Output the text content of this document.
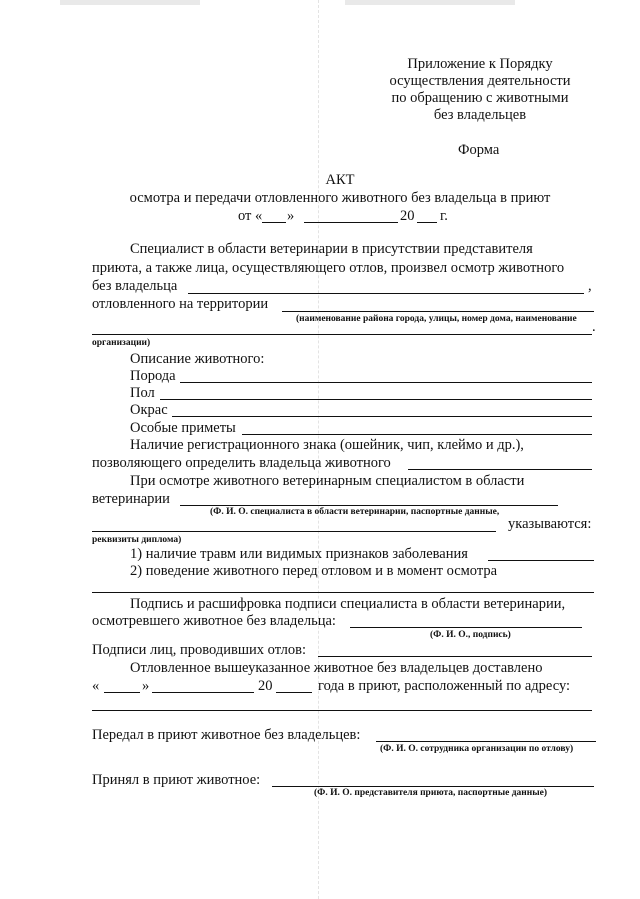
Приложение к Порядку
осуществления деятельности
по обращению с животными
без владельцев
Форма
АКТ
осмотра и передачи отловленного животного без владельца в приют
от « »	20 г.
Специалист в области ветеринарии в присутствии представителя
приюта, а также лица, осуществляющего отлов, произвел осмотр животного
без владельца	,
отловленного на территории
(наименование района города, улицы, номер дома, наименование .
организации)
Описание животного:
Порода
Пол
Окрас
Особые приметы
Наличие регистрационного знака (ошейник, чип, клеймо и др.),
позволяющего определить владельца животного
При осмотре животного ветеринарным специалистом в области
ветеринарии
(Ф. И. О. специалиста в области ветеринарии, паспортные данные,
указываются:
реквизиты диплома)
1) наличие травм или видимых признаков заболевания
2) поведение животного перед отловом и в момент осмотра
Подпись и расшифровка подписи специалиста в области ветеринарии,
осмотревшего животное без владельца:
(Ф. И. О., подпись)
Подписи лиц, проводивших отлов:
Отловленное вышеуказанное животное без владельцев доставлено
«	»	20	года в приют, расположенный по адресу:
Передал в приют животное без владельцев:
(Ф. И. О. сотрудника организации по отлову)
Принял в приют животное:
(Ф. И. О. представителя приюта, паспортные данные)
